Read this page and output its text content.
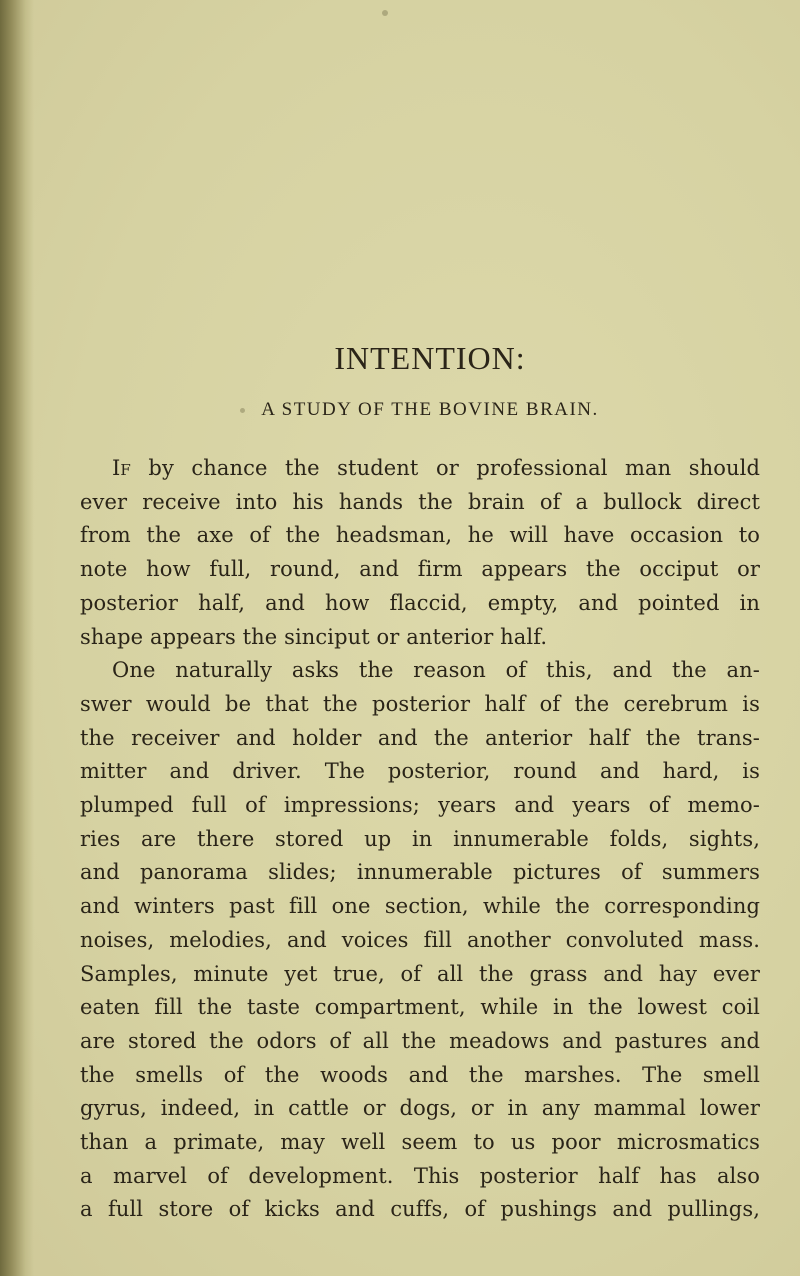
INTENTION:
A STUDY OF THE BOVINE BRAIN.
If by chance the student or professional man should
ever receive into his hands the brain of a bullock direct
from the axe of the headsman, he will have occasion to
note how full, round, and firm appears the occiput or
posterior half, and how flaccid, empty, and pointed in
shape appears the sinciput or anterior half.
One naturally asks the reason of this, and the an-
swer would be that the posterior half of the cerebrum is
the receiver and holder and the anterior half the trans-
mitter and driver. The posterior, round and hard, is
plumped full of impressions; years and years of memo-
ries are there stored up in innumerable folds, sights,
and panorama slides; innumerable pictures of summers
and winters past fill one section, while the corresponding
noises, melodies, and voices fill another convoluted mass.
Samples, minute yet true, of all the grass and hay ever
eaten fill the taste compartment, while in the lowest coil
are stored the odors of all the meadows and pastures and
the smells of the woods and the marshes. The smell
gyrus, indeed, in cattle or dogs, or in any mammal lower
than a primate, may well seem to us poor microsmatics
a marvel of development. This posterior half has also
a full store of kicks and cuffs, of pushings and pullings,
